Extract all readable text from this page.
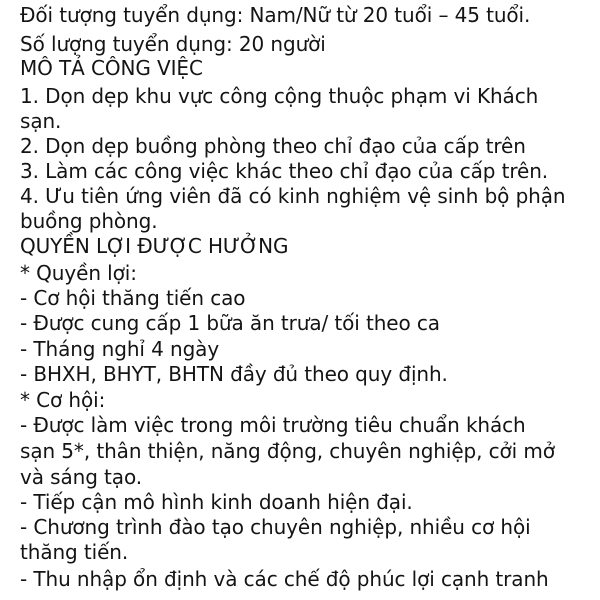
Đối tượng tuyển dụng: Nam/Nữ từ 20 tuổi – 45 tuổi.
Số lượng tuyển dụng: 20 người
MÔ TẢ CÔNG VIỆC
1. Dọn dẹp khu vực công cộng thuộc phạm vi Khách
sạn.
2. Dọn dẹp buồng phòng theo chỉ đạo của cấp trên
3. Làm các công việc khác theo chỉ đạo của cấp trên.
4. Ưu tiên ứng viên đã có kinh nghiệm vệ sinh bộ phận
buồng phòng.
QUYỀN LỢI ĐƯỢC HƯỞNG
* Quyền lợi:
- Cơ hội thăng tiến cao
- Được cung cấp 1 bữa ăn trưa/ tối theo ca
- Tháng nghỉ 4 ngày
- BHXH, BHYT, BHTN đầy đủ theo quy định.
* Cơ hội:
- Được làm việc trong môi trường tiêu chuẩn khách
sạn 5*, thân thiện, năng động, chuyên nghiệp, cởi mở
và sáng tạo.
- Tiếp cận mô hình kinh doanh hiện đại.
- Chương trình đào tạo chuyên nghiệp, nhiều cơ hội
thăng tiến.
- Thu nhập ổn định và các chế độ phúc lợi cạnh tranh
